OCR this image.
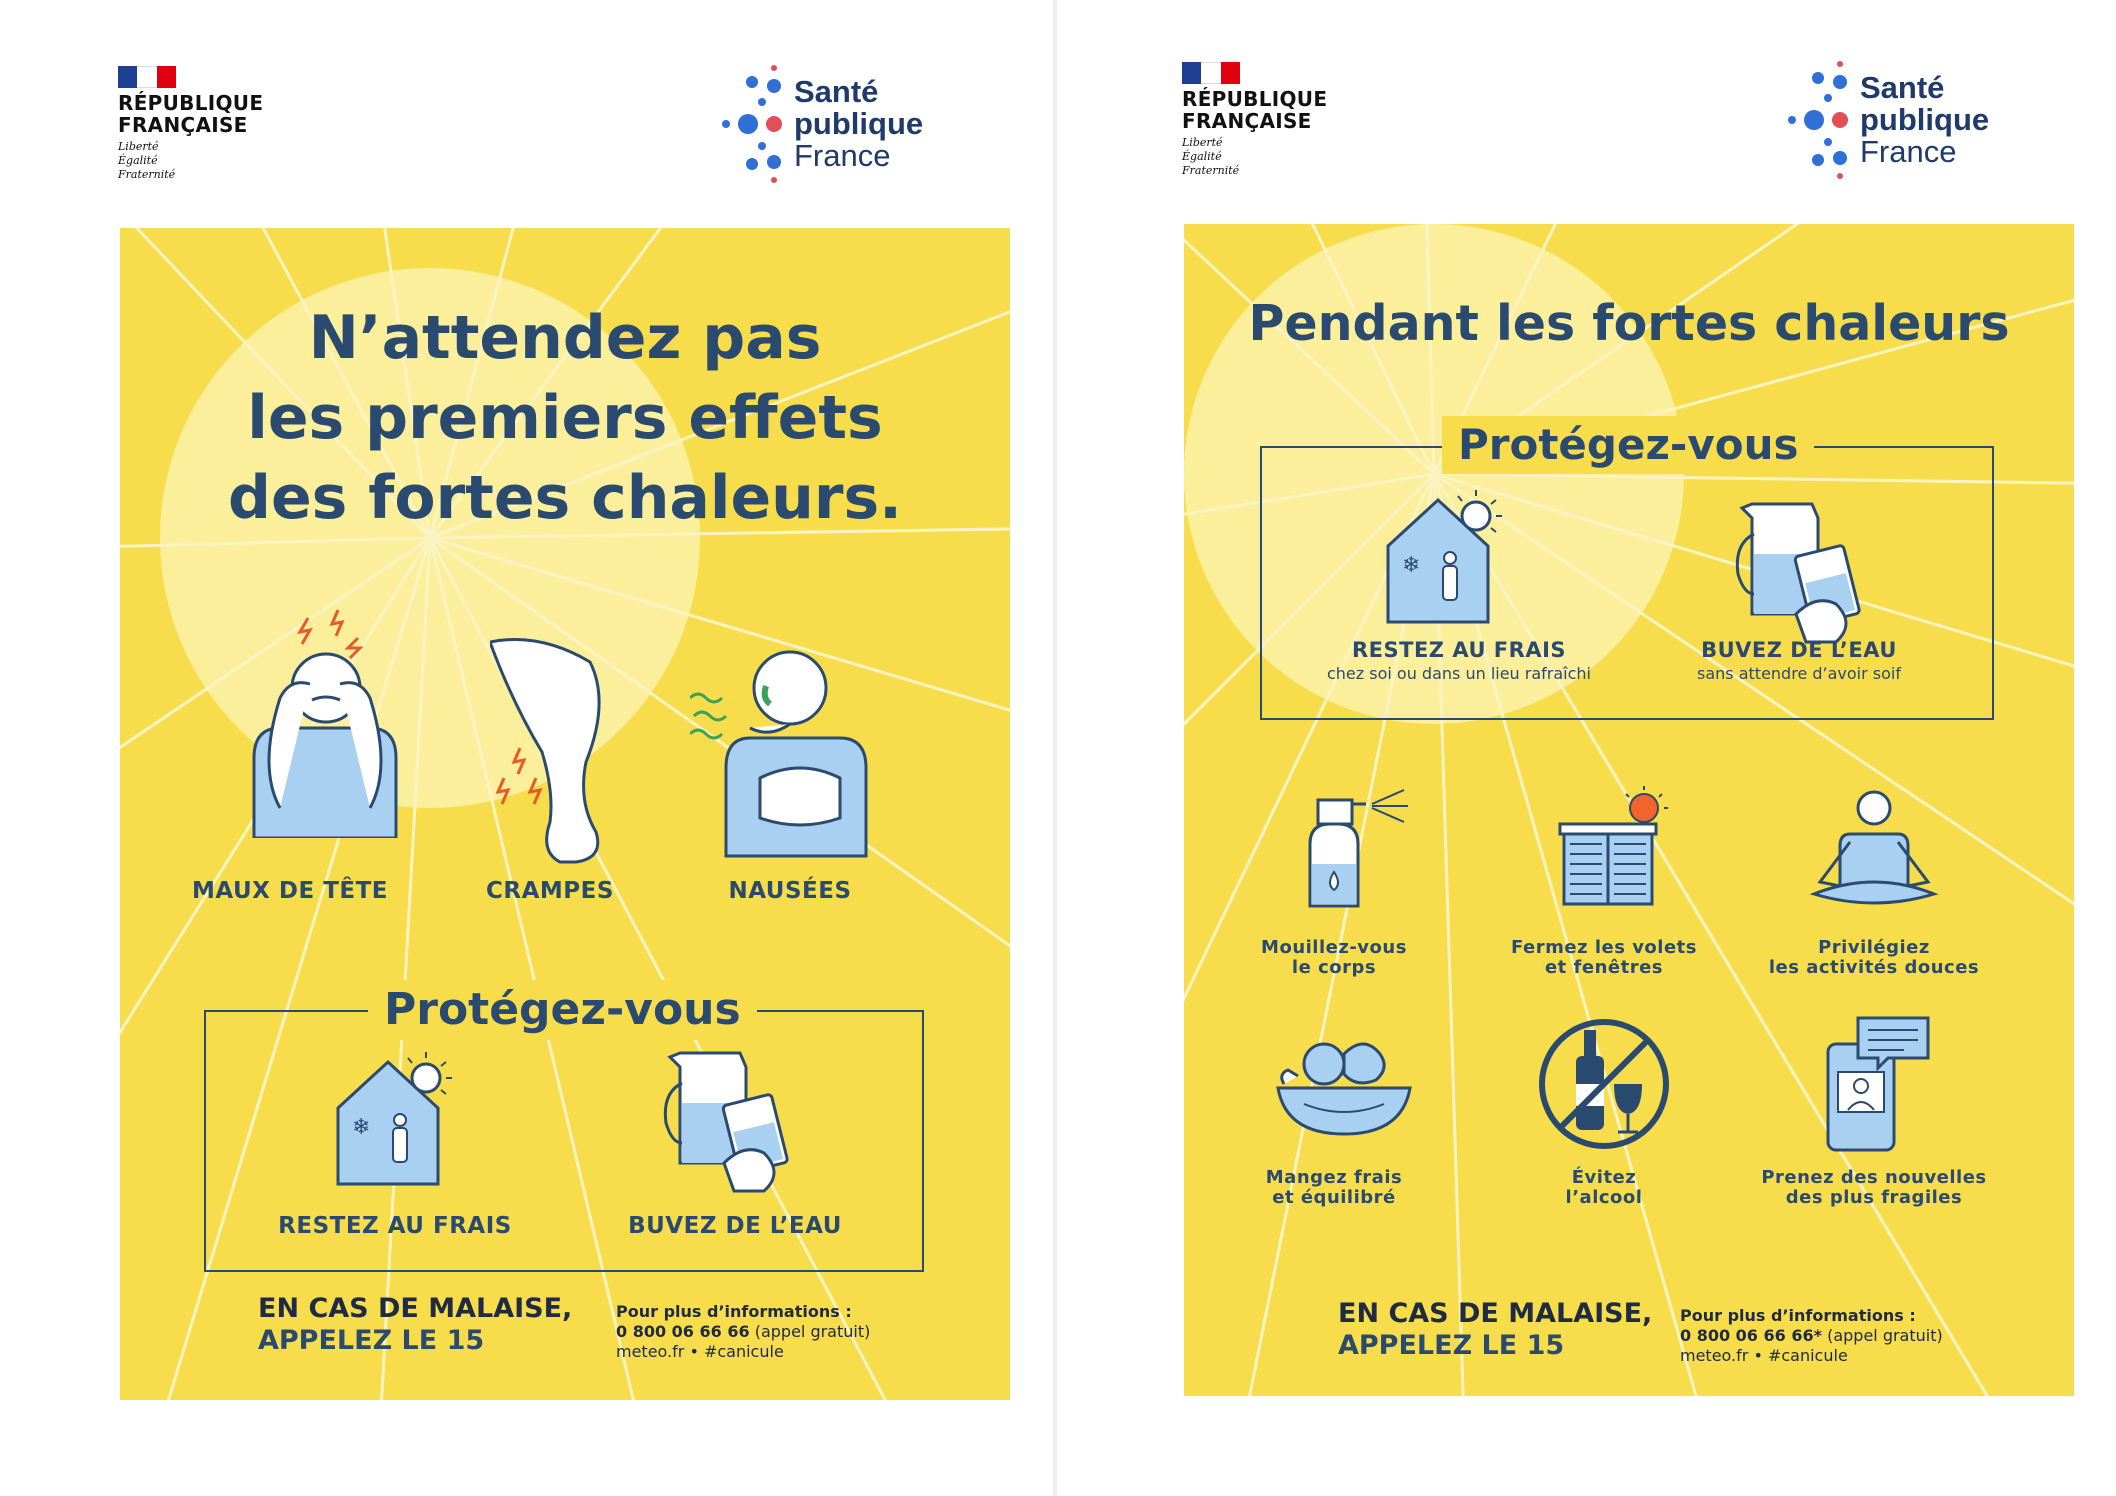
RÉPUBLIQUE
FRANÇAISE
Liberté
Égalité
Fraternité
Santé
publique
France
N’attendez pas
les premiers effets
des fortes chaleurs.
MAUX DE TÊTE	CRAMPES	NAUSÉES
Protégez-vous
❄
RESTEZ AU FRAIS	BUVEZ DE L’EAU
EN CAS DE MALAISE,
APPELEZ LE 15
Pour plus d’informations :
0 800 06 66 66 (appel gratuit)
meteo.fr • #canicule
RÉPUBLIQUE
FRANÇAISE
Liberté
Égalité
Fraternité
Santé
publique
France
Pendant les fortes chaleurs
Protégez-vous
❄
RESTEZ AU FRAIS
chez soi ou dans un lieu rafraîchi
BUVEZ DE L’EAU
sans attendre d’avoir soif
Mouillez-vous
le corps
Fermez les volets
et fenêtres
Privilégiez
les activités douces
Mangez frais
et équilibré
Évitez
l’alcool
Prenez des nouvelles
des plus fragiles
EN CAS DE MALAISE,
APPELEZ LE 15
Pour plus d’informations :
0 800 06 66 66* (appel gratuit)
meteo.fr • #canicule
